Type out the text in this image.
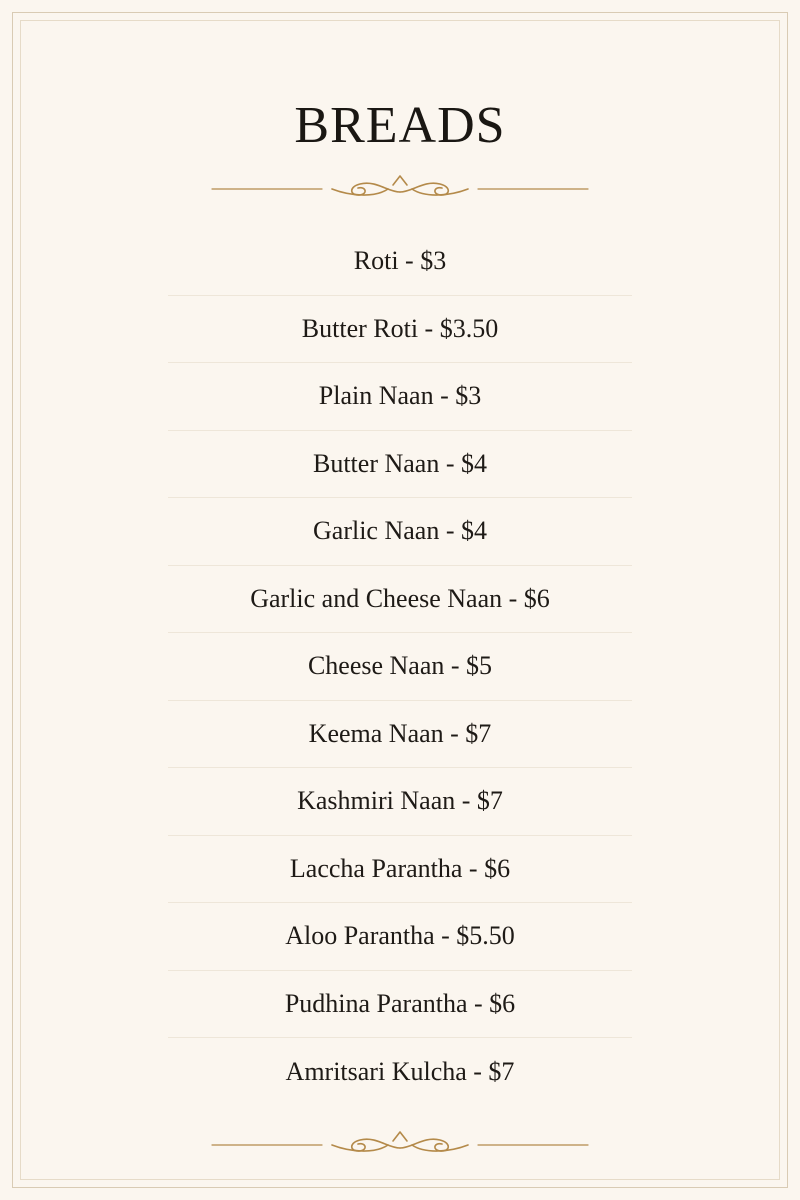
BREADS
Roti - $3
Butter Roti - $3.50
Plain Naan - $3
Butter Naan - $4
Garlic Naan - $4
Garlic and Cheese Naan - $6
Cheese Naan - $5
Keema Naan - $7
Kashmiri Naan - $7
Laccha Parantha - $6
Aloo Parantha - $5.50
Pudhina Parantha - $6
Amritsari Kulcha - $7
